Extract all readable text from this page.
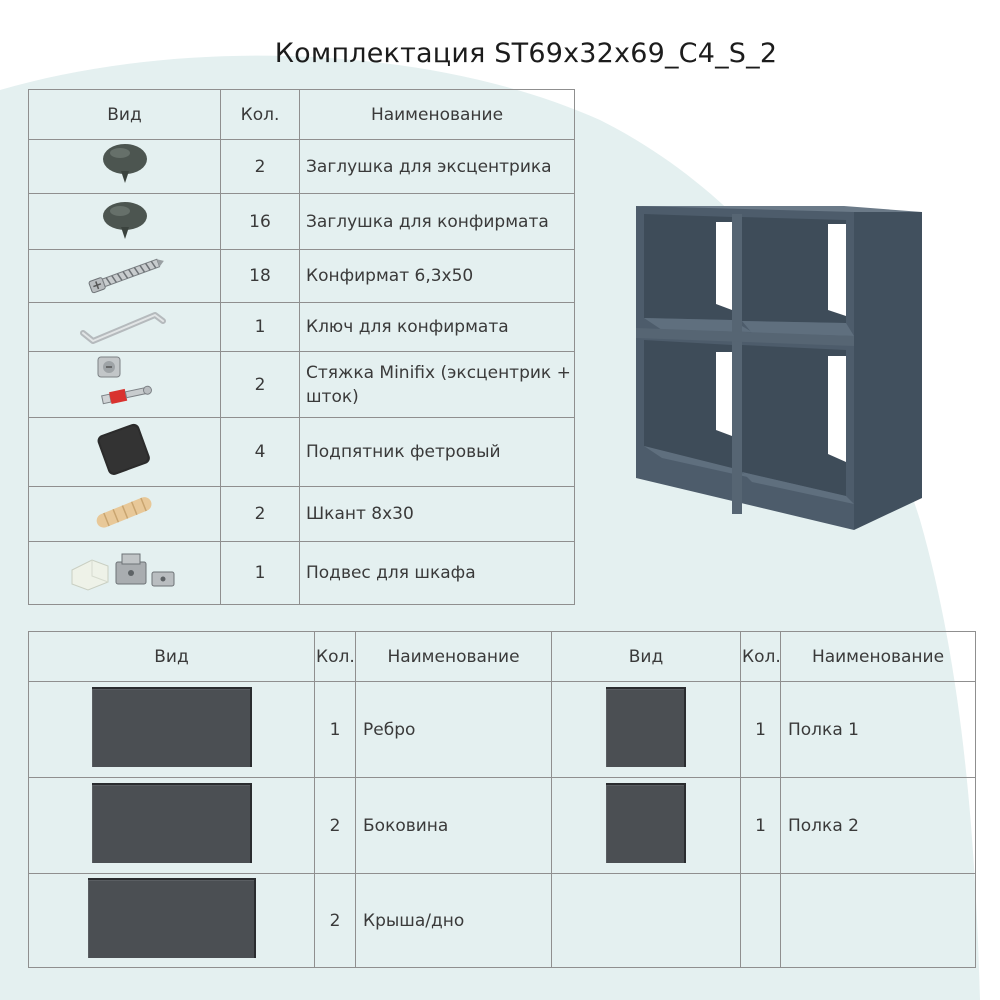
Комплектация ST69x32x69_C4_S_2
Вид	Кол.	Наименование
	2	Заглушка для эксцентрика
	16	Заглушка для конфирмата
	18	Конфирмат 6,3х50
	1	Ключ для конфирмата
	2	Стяжка Minifix (эксцентрик + шток)
	4	Подпятник фетровый
	2	Шкант 8х30
	1	Подвес для шкафа
Вид	Кол.	Наименование	Вид	Кол.	Наименование
	1	Ребро		1	Полка 1
	2	Боковина		1	Полка 2
	2	Крыша/дно			
